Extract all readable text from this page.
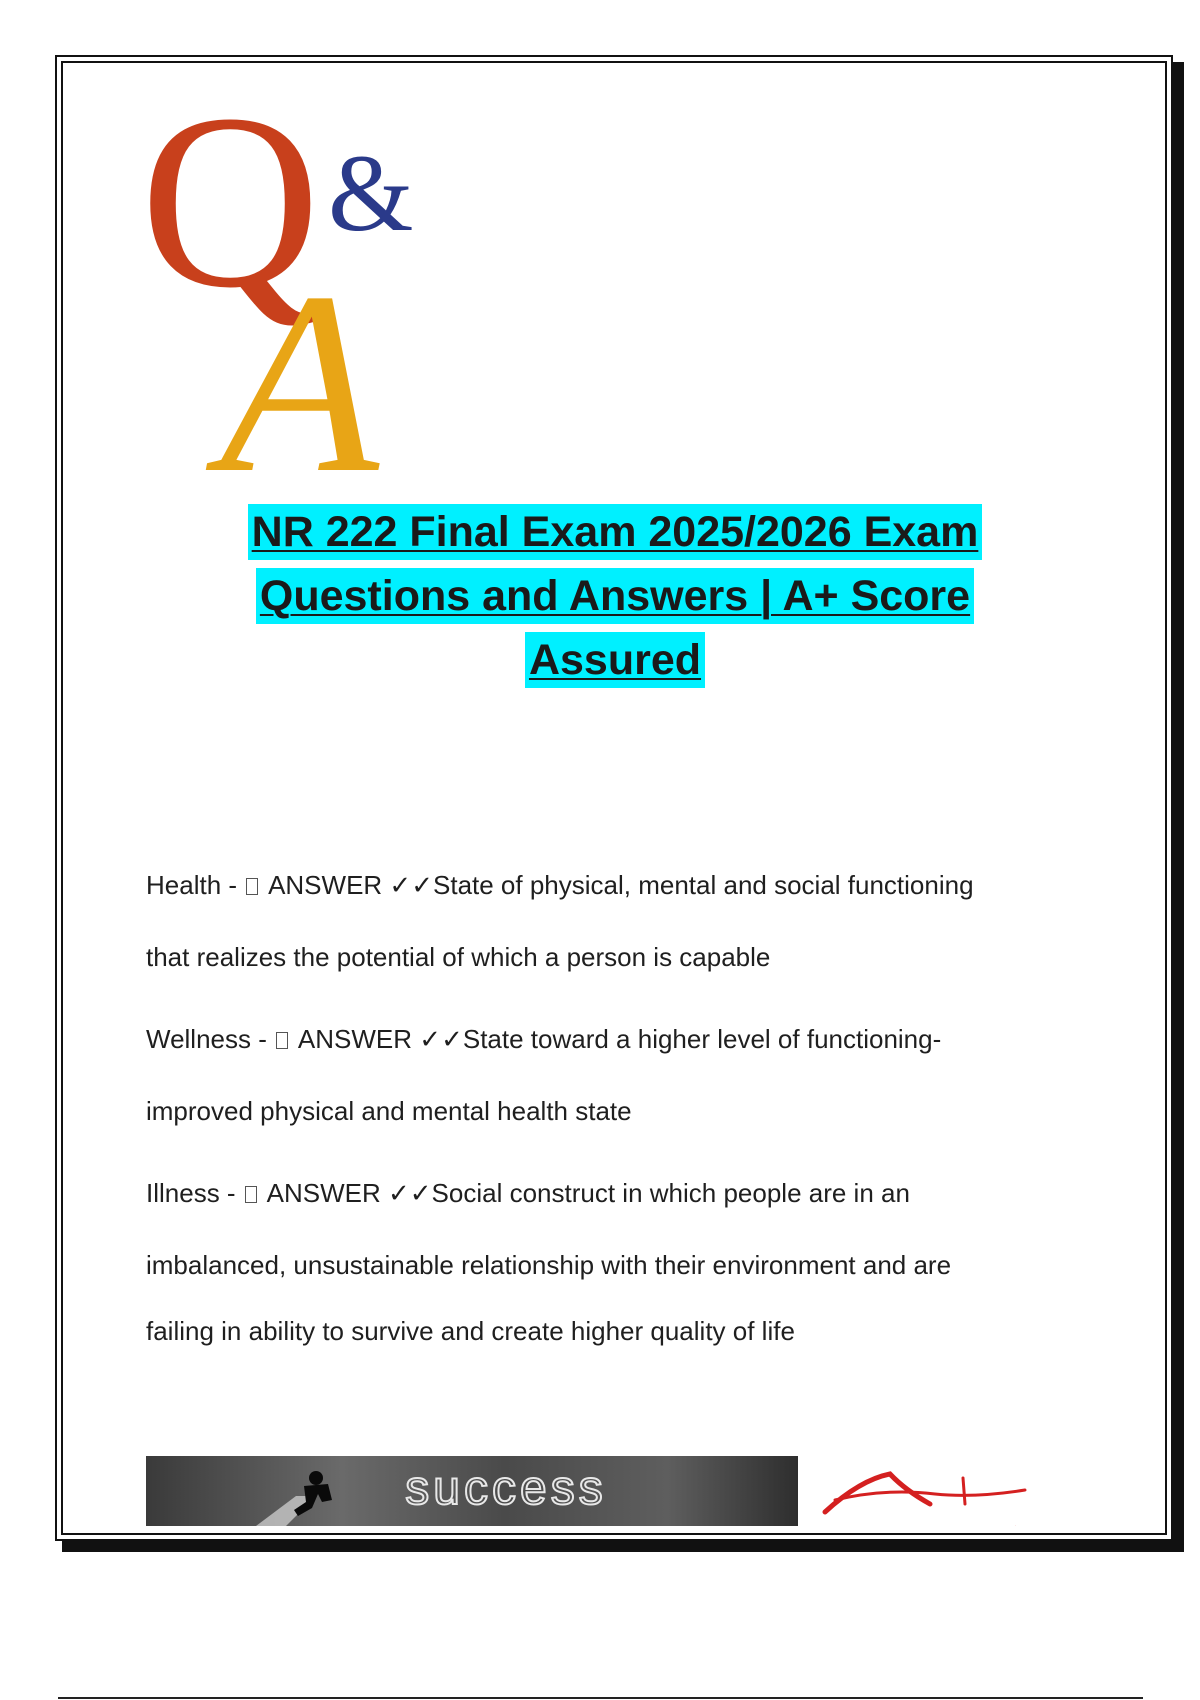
Q &
A
NR 222 Final Exam 2025/2026 Exam
Questions and Answers | A+ Score
Assured
Health -  ANSWER ✓✓State of physical, mental and social functioning
that realizes the potential of which a person is capable
Wellness -  ANSWER ✓✓State toward a higher level of functioning-
improved physical and mental health state
Illness -  ANSWER ✓✓Social construct in which people are in an
imbalanced, unsustainable relationship with their environment and are
failing in ability to survive and create higher quality of life
success
A+
